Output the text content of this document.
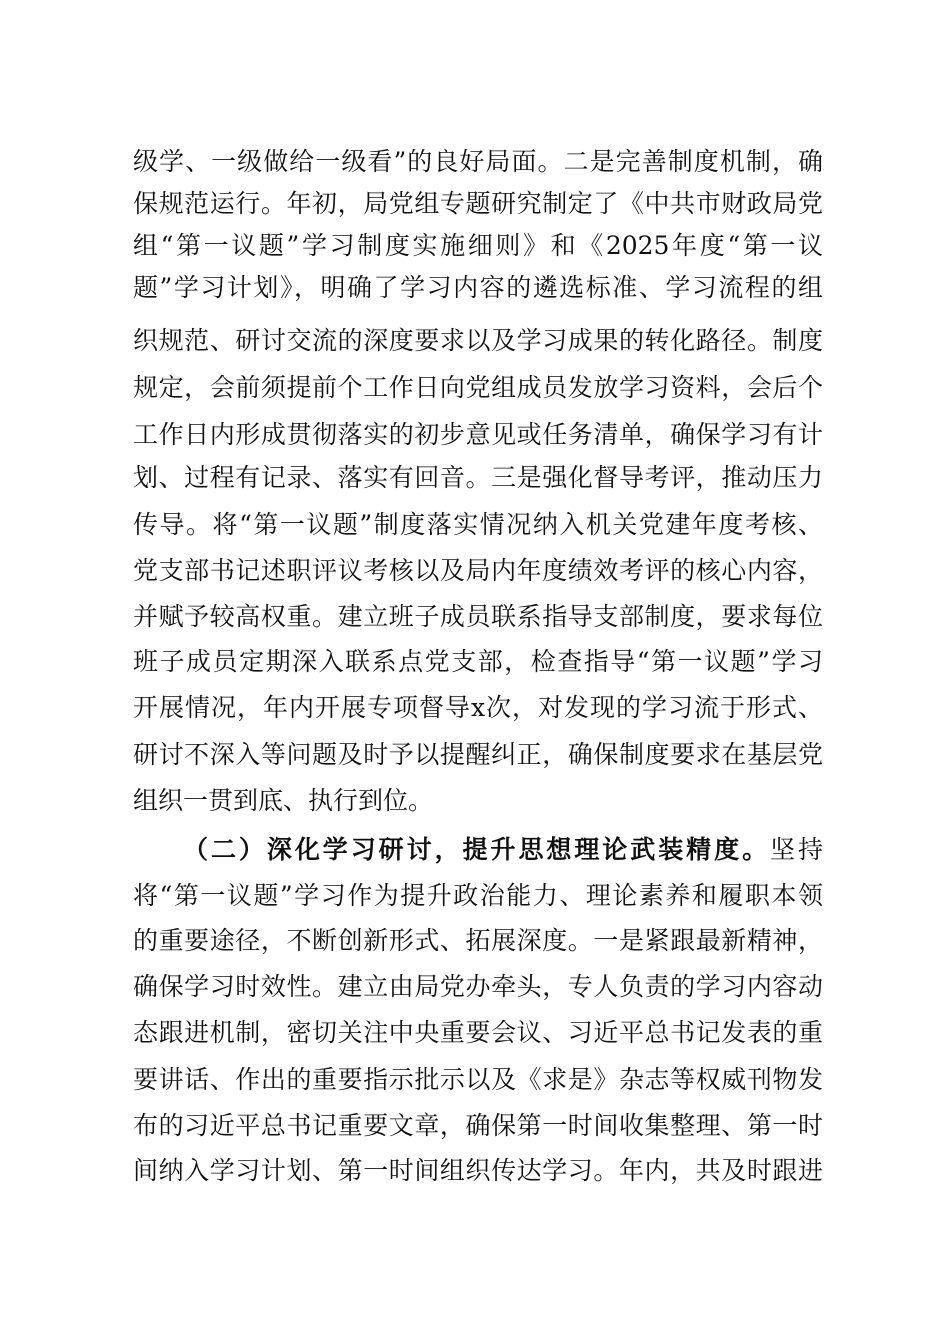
级学、一级做给一级看”的良好局面。二是完善制度机制，确
保规范运行。年初，局党组专题研究制定了《中共市财政局党
组“第一议题”学习制度实施细则》和《2025年度“第一议
题”学习计划》，明确了学习内容的遴选标准、学习流程的组
织规范、研讨交流的深度要求以及学习成果的转化路径。制度
规定，会前须提前个工作日向党组成员发放学习资料，会后个
工作日内形成贯彻落实的初步意见或任务清单，确保学习有计
划、过程有记录、落实有回音。三是强化督导考评，推动压力
传导。将“第一议题”制度落实情况纳入机关党建年度考核、
党支部书记述职评议考核以及局内年度绩效考评的核心内容，
并赋予较高权重。建立班子成员联系指导支部制度，要求每位
班子成员定期深入联系点党支部，检查指导“第一议题”学习
开展情况，年内开展专项督导x次，对发现的学习流于形式、
研讨不深入等问题及时予以提醒纠正，确保制度要求在基层党
组织一贯到底、执行到位。
（二）深化学习研讨，提升思想理论武装精度。坚持
将“第一议题”学习作为提升政治能力、理论素养和履职本领
的重要途径，不断创新形式、拓展深度。一是紧跟最新精神，
确保学习时效性。建立由局党办牵头，专人负责的学习内容动
态跟进机制，密切关注中央重要会议、习近平总书记发表的重
要讲话、作出的重要指示批示以及《求是》杂志等权威刊物发
布的习近平总书记重要文章，确保第一时间收集整理、第一时
间纳入学习计划、第一时间组织传达学习。年内，共及时跟进
